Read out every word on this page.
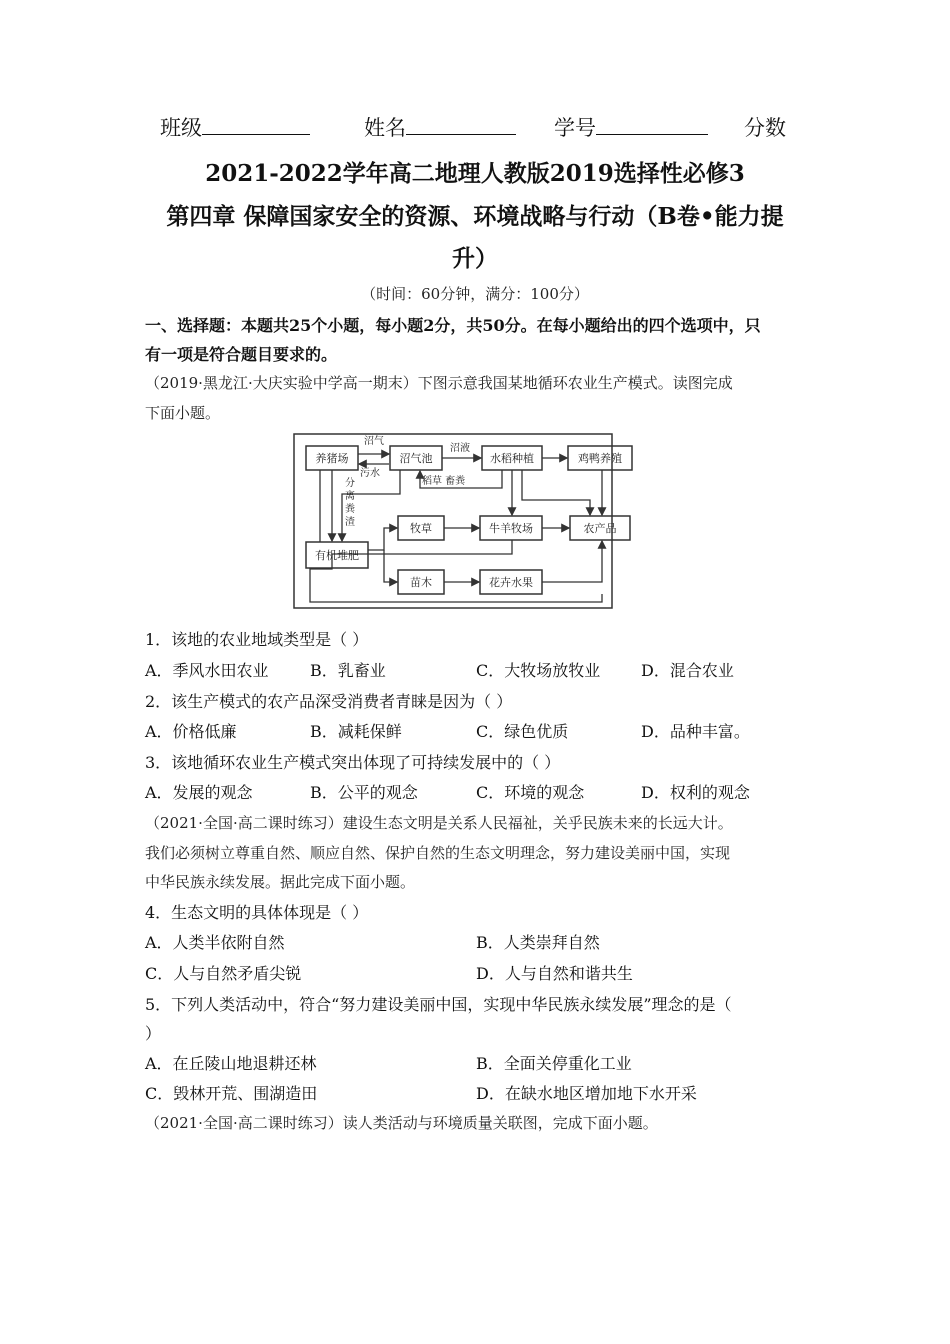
班级	姓名	学号	分数
2021-2022学年高二地理人教版2019选择性必修3
第四章 保障国家安全的资源、环境战略与行动（B卷•能力提
升）
（时间：60分钟，满分：100分）
一、选择题：本题共25个小题，每小题2分，共50分。在每小题给出的四个选项中，只
有一项是符合题目要求的。
（2019·黑龙江·大庆实验中学高一期末）下图示意我国某地循环农业生产模式。读图完成
下面小题。
养猪场	沼气池	水稻种植	鸡鸭养殖
有机堆肥
牧草	牛羊牧场	农产品
苗木	花卉水果
沼气
污水
沼液
稻草 畜粪
分
离
粪
渣
1．该地的农业地域类型是（ ）
A．季风水田农业	B．乳畜业	C．大牧场放牧业	D．混合农业
2．该生产模式的农产品深受消费者青睐是因为（ ）
A．价格低廉	B．减耗保鲜	C．绿色优质	D．品种丰富。
3．该地循环农业生产模式突出体现了可持续发展中的（ ）
A．发展的观念	B．公平的观念	C．环境的观念	D．权利的观念
（2021·全国·高二课时练习）建设生态文明是关系人民福祉，关乎民族未来的长远大计。
我们必须树立尊重自然、顺应自然、保护自然的生态文明理念，努力建设美丽中国，实现
中华民族永续发展。据此完成下面小题。
4．生态文明的具体体现是（ ）
A．人类半依附自然	B．人类崇拜自然
C．人与自然矛盾尖锐	D．人与自然和谐共生
5．下列人类活动中，符合“努力建设美丽中国，实现中华民族永续发展”理念的是（
）
A．在丘陵山地退耕还林	B．全面关停重化工业
C．毁林开荒、围湖造田	D．在缺水地区增加地下水开采
（2021·全国·高二课时练习）读人类活动与环境质量关联图，完成下面小题。
